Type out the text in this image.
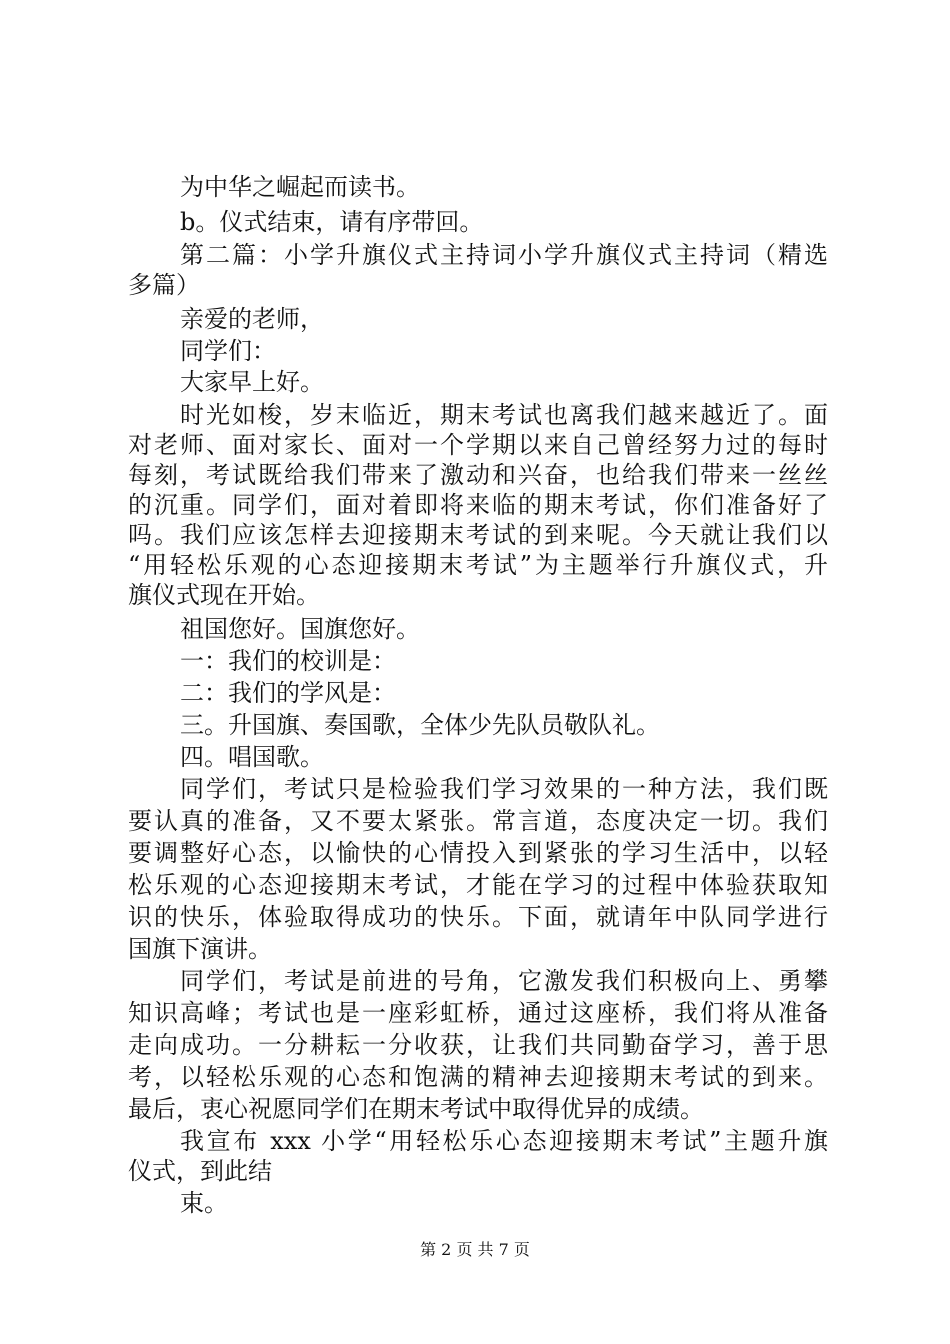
为中华之崛起而读书。
b。仪式结束，请有序带回。
第二篇：小学升旗仪式主持词小学升旗仪式主持词（精选
多篇）
亲爱的老师，
同学们：
大家早上好。
时光如梭，岁末临近，期末考试也离我们越来越近了。面
对老师、面对家长、面对一个学期以来自己曾经努力过的每时
每刻，考试既给我们带来了激动和兴奋，也给我们带来一丝丝
的沉重。同学们，面对着即将来临的期末考试，你们准备好了
吗。我们应该怎样去迎接期末考试的到来呢。今天就让我们以
“用轻松乐观的心态迎接期末考试”为主题举行升旗仪式，升
旗仪式现在开始。
祖国您好。国旗您好。
一：我们的校训是：
二：我们的学风是：
三。升国旗、奏国歌，全体少先队员敬队礼。
四。唱国歌。
同学们，考试只是检验我们学习效果的一种方法，我们既
要认真的准备，又不要太紧张。常言道，态度决定一切。我们
要调整好心态，以愉快的心情投入到紧张的学习生活中，以轻
松乐观的心态迎接期末考试，才能在学习的过程中体验获取知
识的快乐，体验取得成功的快乐。下面，就请年中队同学进行
国旗下演讲。
同学们，考试是前进的号角，它激发我们积极向上、勇攀
知识高峰；考试也是一座彩虹桥，通过这座桥，我们将从准备
走向成功。一分耕耘一分收获，让我们共同勤奋学习，善于思
考，以轻松乐观的心态和饱满的精神去迎接期末考试的到来。
最后，衷心祝愿同学们在期末考试中取得优异的成绩。
我宣布 xxx 小学“用轻松乐心态迎接期末考试”主题升旗
仪式，到此结
束。
第 2 页 共 7 页
